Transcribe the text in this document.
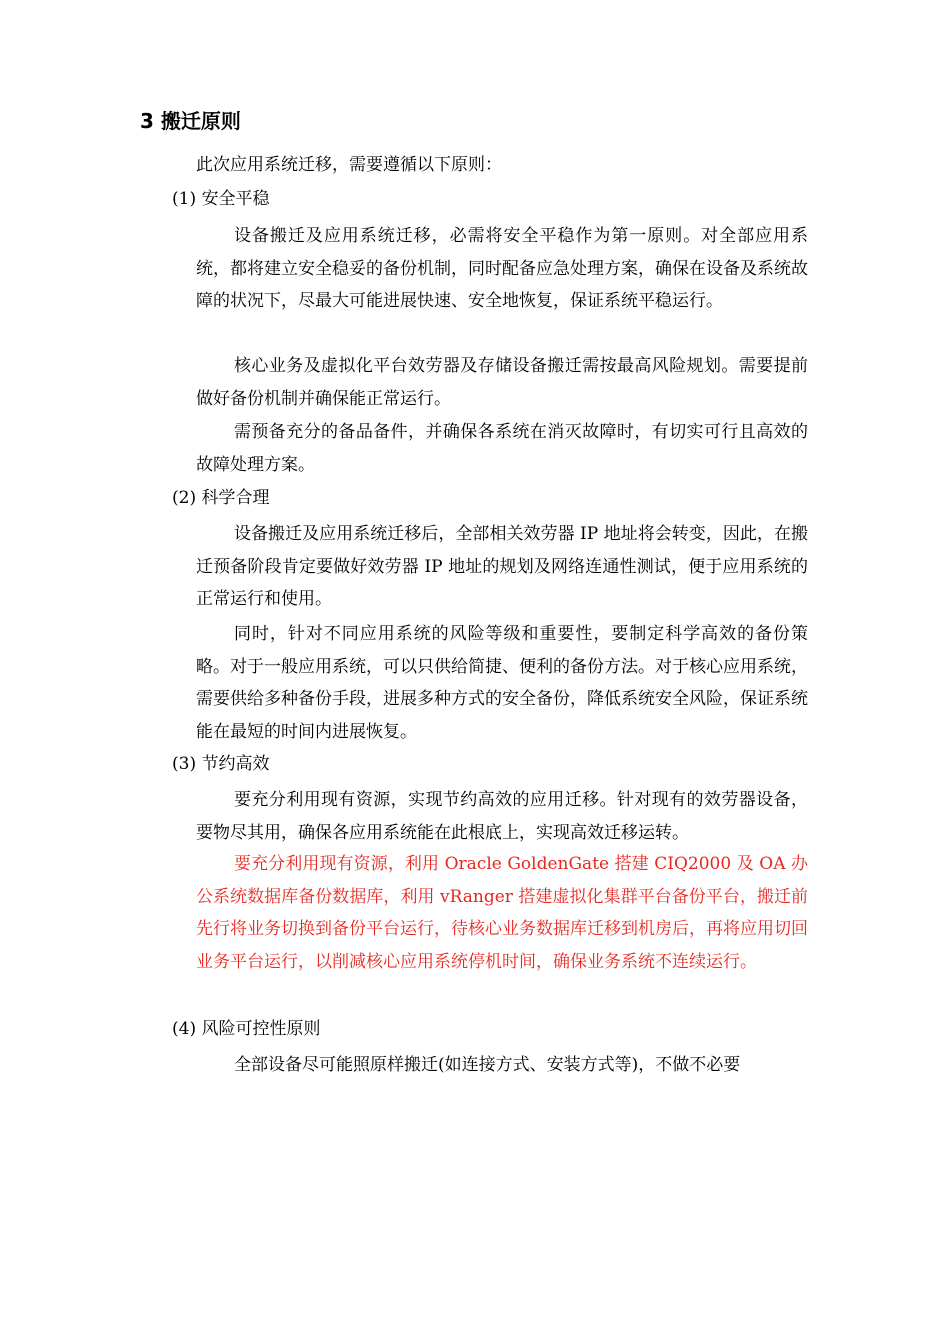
3 搬迁原则

此次应用系统迁移，需要遵循以下原则：

(1) 安全平稳

设备搬迁及应用系统迁移，必需将安全平稳作为第一原则。对全部应用系统，都将建立安全稳妥的备份机制，同时配备应急处理方案，确保在设备及系统故障的状况下，尽最大可能进展快速、安全地恢复，保证系统平稳运行。

核心业务及虚拟化平台效劳器及存储设备搬迁需按最高风险规划。需要提前做好备份机制并确保能正常运行。

需预备充分的备品备件，并确保各系统在消灭故障时，有切实可行且高效的故障处理方案。

(2) 科学合理

设备搬迁及应用系统迁移后，全部相关效劳器 IP 地址将会转变，因此，在搬迁预备阶段肯定要做好效劳器 IP 地址的规划及网络连通性测试，便于应用系统的正常运行和使用。

同时，针对不同应用系统的风险等级和重要性，要制定科学高效的备份策略。对于一般应用系统，可以只供给简捷、便利的备份方法。对于核心应用系统，需要供给多种备份手段，进展多种方式的安全备份，降低系统安全风险，保证系统能在最短的时间内进展恢复。

(3) 节约高效

要充分利用现有资源，实现节约高效的应用迁移。针对现有的效劳器设备，要物尽其用，确保各应用系统能在此根底上，实现高效迁移运转。

要充分利用现有资源，利用 Oracle GoldenGate 搭建 CIQ2000 及 OA 办公系统数据库备份数据库，利用 vRanger 搭建虚拟化集群平台备份平台，搬迁前先行将业务切换到备份平台运行，待核心业务数据库迁移到机房后，再将应用切回业务平台运行，以削减核心应用系统停机时间，确保业务系统不连续运行。

(4) 风险可控性原则

全部设备尽可能照原样搬迁(如连接方式、安装方式等)，不做不必要
